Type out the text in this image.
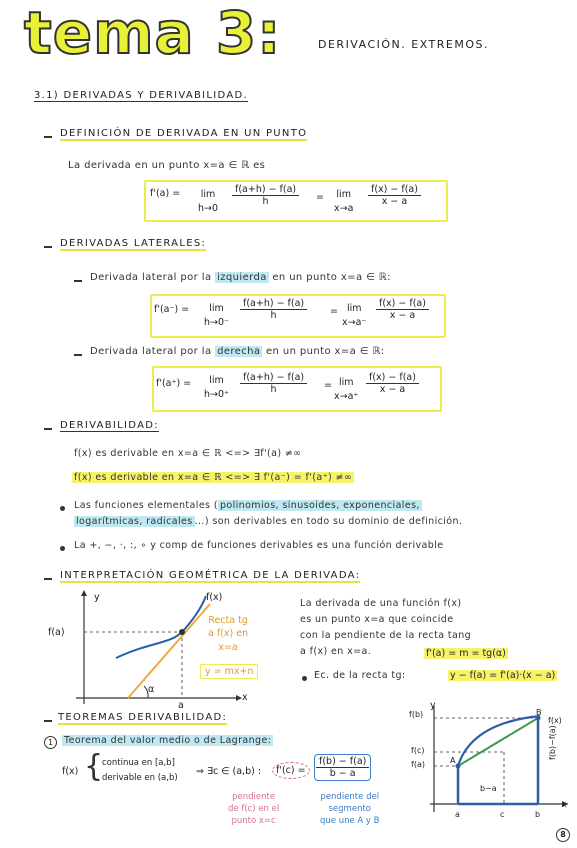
tema 3:	DERIVACIÓN. EXTREMOS.
3.1) DERIVADAS Y DERIVABILIDAD.
DEFINICIÓN DE DERIVADA EN UN PUNTO
La derivada en un punto x=a ∈ ℝ es
f'(a) = lim
h→0
$\frac{f(a+h) - f(a)}{h} = \lim$
x→a
$\frac{f(x) - f(a)}{x - a}$
DERIVADAS LATERALES:
Derivada lateral por la izquierda en un punto x=a ∈ ℝ:
f'(a⁻) =	lim
h→0⁻
$\frac{f(a+h) - f(a)}{h} = \lim$
x→a⁻
$\frac{f(x) - f(a)}{x - a}$
Derivada lateral por la derecha en un punto x=a ∈ ℝ:
f'(a⁺) =	lim
$h\to 0^+ \frac{f(a+h) - f(a)}{h} = \lim$
x→a⁺
$\frac{f(x) - f(a)}{x - a}$
DERIVABILIDAD:
f(x) es derivable en x=a ∈ ℝ <=> ∃f'(a) ≠∞
f(x) es derivable en x=a ∈ ℝ <=> ∃ f'(a⁻) = f'(a⁺) ≠∞
Las funciones elementales ( polinomios, sinusoides, exponenciales,
logarítmicas, radicales ...) son derivables en todo su dominio de definición.
La +, −, ·, :, ∘ y comp de funciones derivables es una función derivable
INTERPRETACIÓN GEOMÉTRICA DE LA DERIVADA:
y
x
f(x)
f(a)
a
α
Recta tg
a f(x) en
x=a
y = mx+n
La derivada de una función f(x)
es un punto x=a que coincide
con la pendiente de la recta tang
a f(x) en x=a.	f'(a) = m = tg(α)
Ec. de la recta tg:	y − f(a) = f'(a)·(x − a)
TEOREMAS DERIVABILIDAD:
1	Teorema del valor medio o de Lagrange:
f(x) {
continua en [a,b]
derivable en (a,b)
⇒ ∃c ∈ (a,b) :	$f'(c) = \frac{f(b) - f(a)}{b - a}$
pendiente
de f(c) en el
punto x=c
pendiente del
segmento
que une A y B
y
f(b)
f(c)
f(a)	A
B
f(x)
b−a
f(b)−f(a)
a	c	b
x
8
